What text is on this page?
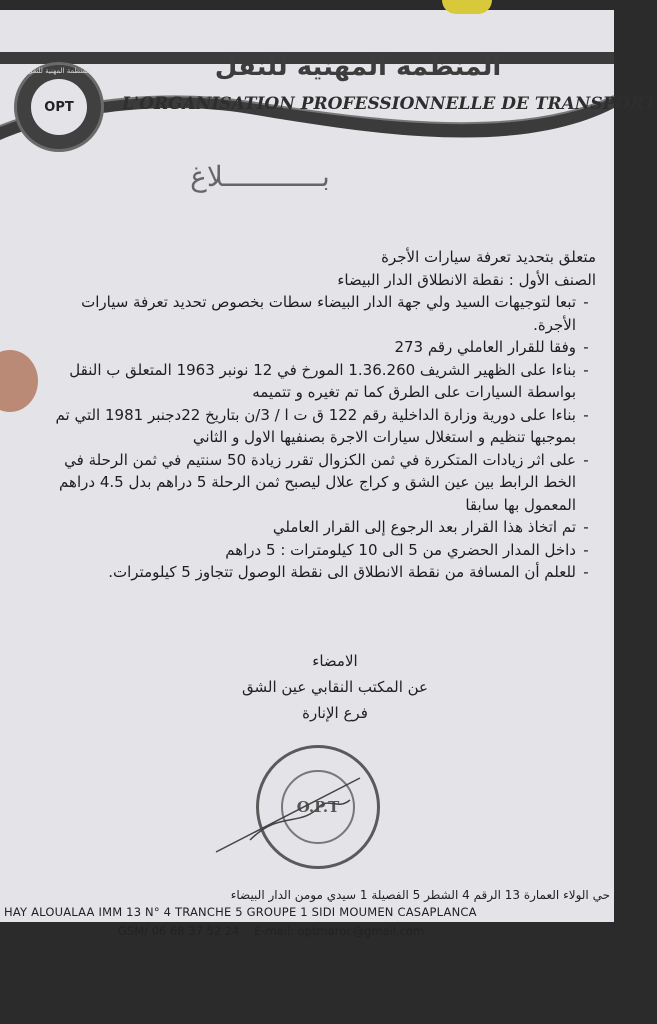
المنظمة المهنية للنقل
OPT
المنظمة المهنية للنقل
L'ORGANISATION PROFESSIONNELLE DE TRANSPORT
بــــــــــــلاغ

متعلق بتحديد تعرفة سيارات الأجرة

الصنف الأول : نقطة الانطلاق الدار البيضاء

-
تبعا لتوجيهات السيد ولي جهة الدار البيضاء سطات بخصوص تحديد تعرفة سيارات الأجرة.
-
وفقا للقرار العاملي رقم 273
-
بناءا على الظهير الشريف 1.36.260 المورخ في 12 نونبر 1963 المتعلق ب النقل بواسطة السيارات على الطرق كما تم تغيره و تتميمه
-
بناءا على دورية وزارة الداخلية رقم 122 ق ت ا / 3/ن بتاريخ 22دجنبر 1981 التي تم بموجبها تنظيم و استغلال سيارات الاجرة بصنفيها الاول و الثاني
-
على اثر زيادات المتكررة في ثمن الكزوال تقرر زيادة 50 سنتيم في ثمن الرحلة في الخط الرابط بين عين الشق و كراج علال ليصبح ثمن الرحلة 5 دراهم بدل 4.5 دراهم المعمول بها سابقا
-
تم اتخاذ هذا القرار بعد الرجوع إلى القرار العاملي
-
داخل المدار الحضري من 5 الى 10 كيلومترات : 5 دراهم
-
للعلم أن المسافة من نقطة الانطلاق الى نقطة الوصول تتجاوز 5 كيلومترات.
الامضاء
عن المكتب النقابي عين الشق
فرع الإنارة
O.P.T
حي الولاء العمارة 13 الرقم 4 الشطر 5 الفصيلة 1 سيدي مومن الدار البيضاء
HAY ALOUALAA IMM 13 N° 4 TRANCHE 5 GROUPE 1 SIDI MOUMEN CASAPLANCA
GSM/ 06 68 37 52 24 E-mail: optmaroc@gmail.com
